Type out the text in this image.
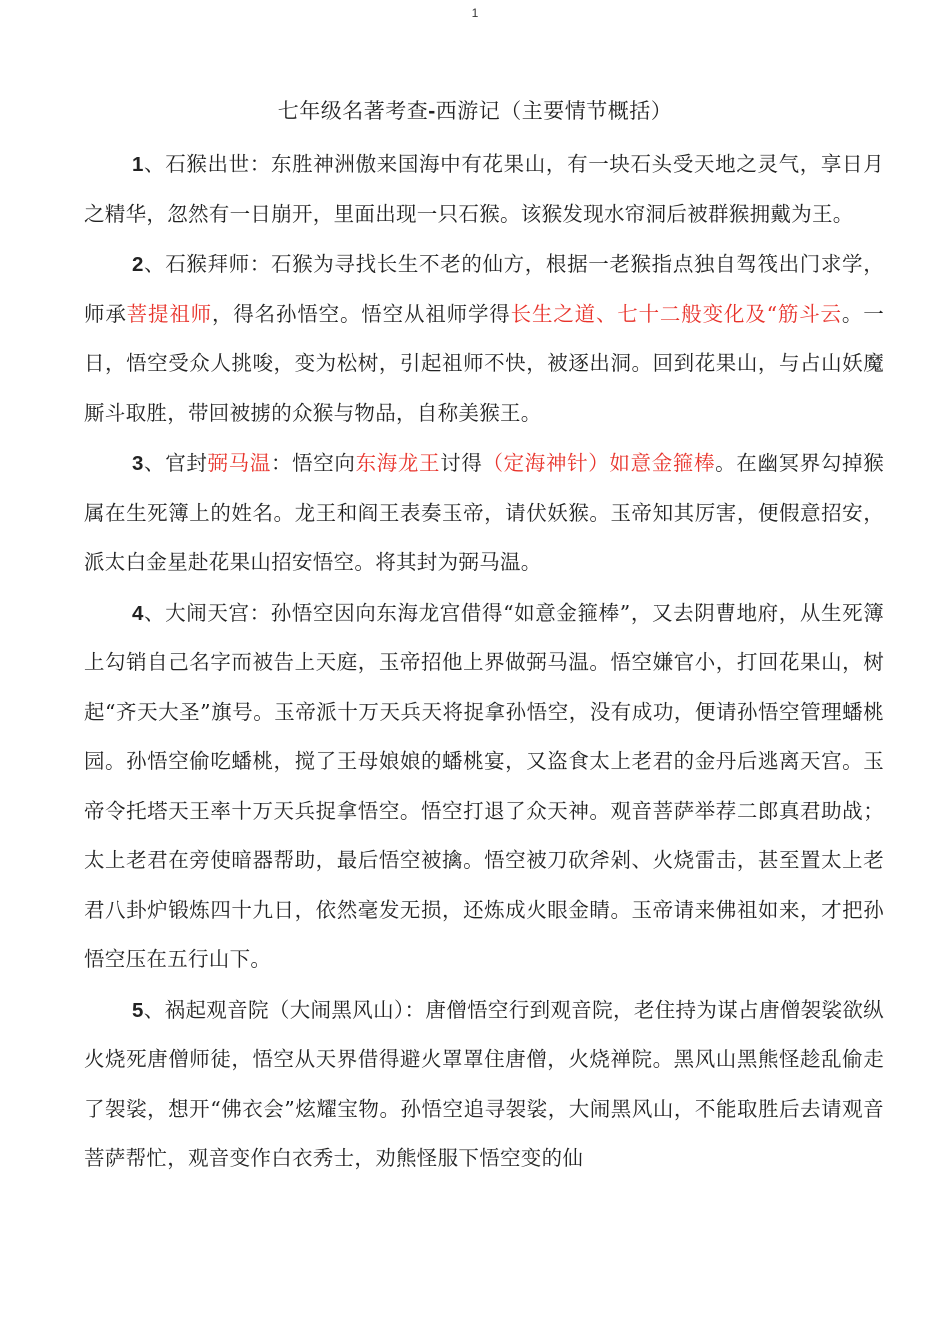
1
七年级名著考查-西游记（主要情节概括）

1、石猴出世：东胜神洲傲来国海中有花果山，有一块石头受天地之灵气，享日月之精华，忽然有一日崩开，里面出现一只石猴。该猴发现水帘洞后被群猴拥戴为王。

2、石猴拜师：石猴为寻找长生不老的仙方，根据一老猴指点独自驾筏出门求学，师承菩提祖师，得名孙悟空。悟空从祖师学得长生之道、七十二般变化及“筋斗云。一日，悟空受众人挑唆，变为松树，引起祖师不快，被逐出洞。回到花果山，与占山妖魔厮斗取胜，带回被掳的众猴与物品，自称美猴王。

3、官封弼马温：悟空向东海龙王讨得（定海神针）如意金箍棒。在幽冥界勾掉猴属在生死簿上的姓名。龙王和阎王表奏玉帝，请伏妖猴。玉帝知其厉害，便假意招安，派太白金星赴花果山招安悟空。将其封为弼马温。

4、大闹天宫：孙悟空因向东海龙宫借得“如意金箍棒”，又去阴曹地府，从生死簿上勾销自己名字而被告上天庭，玉帝招他上界做弼马温。悟空嫌官小，打回花果山，树起“齐天大圣”旗号。玉帝派十万天兵天将捉拿孙悟空，没有成功，便请孙悟空管理蟠桃园。孙悟空偷吃蟠桃，搅了王母娘娘的蟠桃宴，又盗食太上老君的金丹后逃离天宫。玉帝令托塔天王率十万天兵捉拿悟空。悟空打退了众天神。观音菩萨举荐二郎真君助战；太上老君在旁使暗器帮助，最后悟空被擒。悟空被刀砍斧剁、火烧雷击，甚至置太上老君八卦炉锻炼四十九日，依然毫发无损，还炼成火眼金睛。玉帝请来佛祖如来，才把孙悟空压在五行山下。

5、祸起观音院（大闹黑风山）：唐僧悟空行到观音院，老住持为谋占唐僧袈裟欲纵火烧死唐僧师徒，悟空从天界借得避火罩罩住唐僧，火烧禅院。黑风山黑熊怪趁乱偷走了袈裟，想开“佛衣会”炫耀宝物。孙悟空追寻袈裟，大闹黑风山，不能取胜后去请观音菩萨帮忙，观音变作白衣秀士，劝熊怪服下悟空变的仙
